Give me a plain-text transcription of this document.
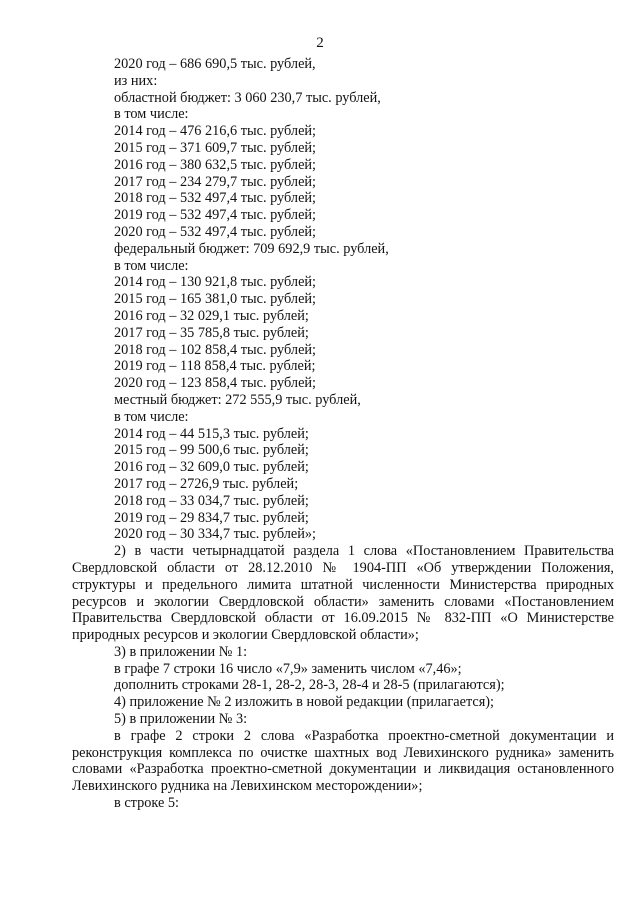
2

2020 год – 686 690,5 тыс. рублей,

из них:

областной бюджет: 3 060 230,7 тыс. рублей,

в том числе:

2014 год – 476 216,6 тыс. рублей;

2015 год – 371 609,7 тыс. рублей;

2016 год – 380 632,5 тыс. рублей;

2017 год – 234 279,7 тыс. рублей;

2018 год – 532 497,4 тыс. рублей;

2019 год – 532 497,4 тыс. рублей;

2020 год – 532 497,4 тыс. рублей;

федеральный бюджет: 709 692,9 тыс. рублей,

в том числе:

2014 год – 130 921,8 тыс. рублей;

2015 год – 165 381,0 тыс. рублей;

2016 год – 32 029,1 тыс. рублей;

2017 год – 35 785,8 тыс. рублей;

2018 год – 102 858,4 тыс. рублей;

2019 год – 118 858,4 тыс. рублей;

2020 год – 123 858,4 тыс. рублей;

местный бюджет: 272 555,9 тыс. рублей,

в том числе:

2014 год – 44 515,3 тыс. рублей;

2015 год – 99 500,6 тыс. рублей;

2016 год – 32 609,0 тыс. рублей;

2017 год – 2726,9 тыс. рублей;

2018 год – 33 034,7 тыс. рублей;

2019 год – 29 834,7 тыс. рублей;

2020 год – 30 334,7 тыс. рублей»;

2) в части четырнадцатой раздела 1 слова «Постановлением Правительства Свердловской области от 28.12.2010 № 1904-ПП «Об утверждении Положения, структуры и предельного лимита штатной численности Министерства природных ресурсов и экологии Свердловской области» заменить словами «Постановлением Правительства Свердловской области от 16.09.2015 № 832-ПП «О Министерстве природных ресурсов и экологии Свердловской области»;

3) в приложении № 1:

в графе 7 строки 16 число «7,9» заменить числом «7,46»;

дополнить строками 28-1, 28-2, 28-3, 28-4 и 28-5 (прилагаются);

4) приложение № 2 изложить в новой редакции (прилагается);

5) в приложении № 3:

в графе 2 строки 2 слова «Разработка проектно-сметной документации и реконструкция комплекса по очистке шахтных вод Левихинского рудника» заменить словами «Разработка проектно-сметной документации и ликвидация остановленного Левихинского рудника на Левихинском месторождении»;

в строке 5:
